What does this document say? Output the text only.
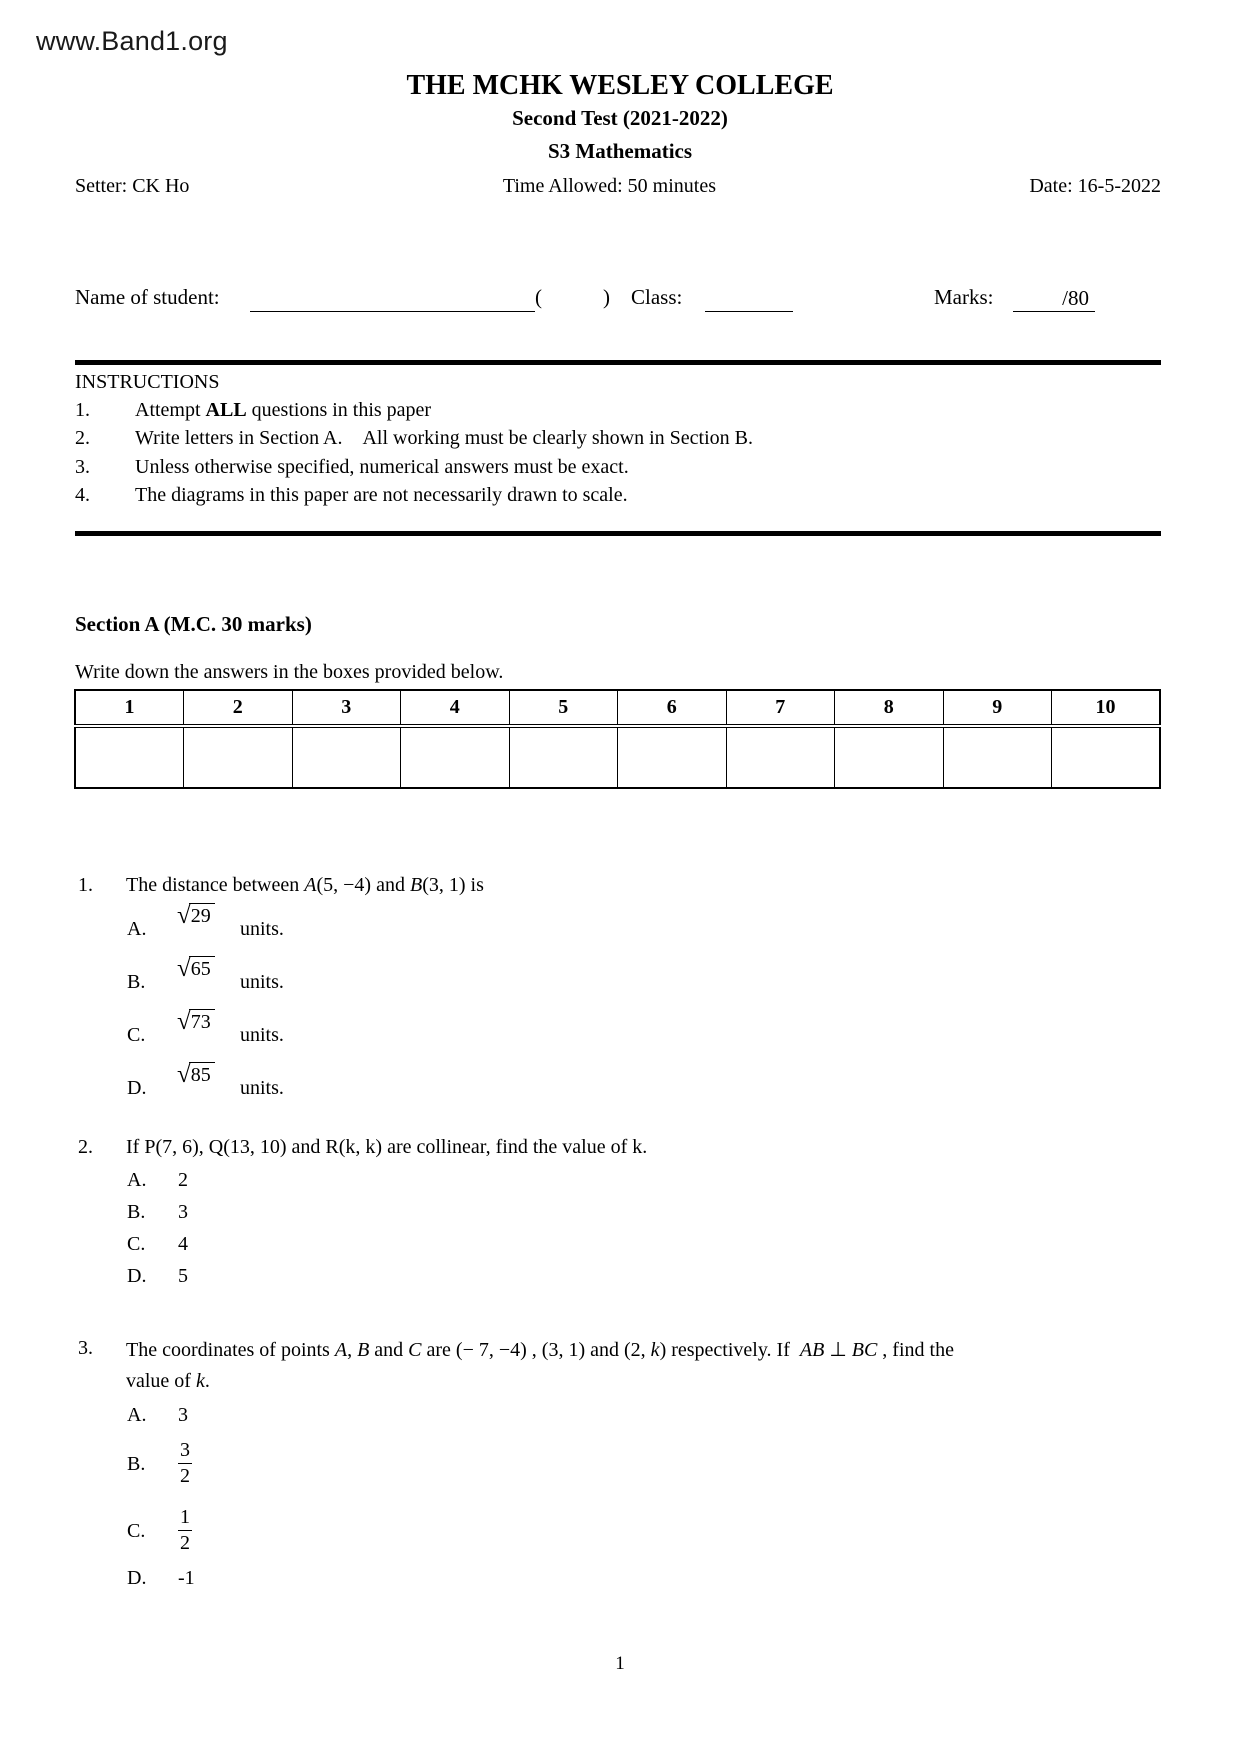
www.Band1.org
THE MCHK WESLEY COLLEGE
Second Test (2021-2022)
S3 Mathematics
Setter: CK Ho	Time Allowed: 50 minutes	Date: 16-5-2022
Name of student:	(	) Class:	Marks:	/80
INSTRUCTIONS
1.	Attempt ALL questions in this paper
2.	Write letters in Section A. All working must be clearly shown in Section B.
3.	Unless otherwise specified, numerical answers must be exact.
4.	The diagrams in this paper are not necessarily drawn to scale.
Section A (M.C. 30 marks)
Write down the answers in the boxes provided below.
1	2	3	4	5	6	7	8	9	10

1.	The distance between A(5, −4) and B(3, 1) is
A. √ 29
units.
B. √ 65
units.
C. √ 73
units.
D. √ 85
units.
2.	If P(7, 6), Q(13, 10) and R(k, k) are collinear, find the value of k.
A. 2
B. 3
C. 4
D. 5
3.	The coordinates of points A, B and C are (− 7, −4) , (3, 1) and (2, k) respectively. If AB ⊥ BC , find the
value of k.
A. 3
B. $\frac{3}{2}$
C. $\frac{1}{2}$
D. -1
1
